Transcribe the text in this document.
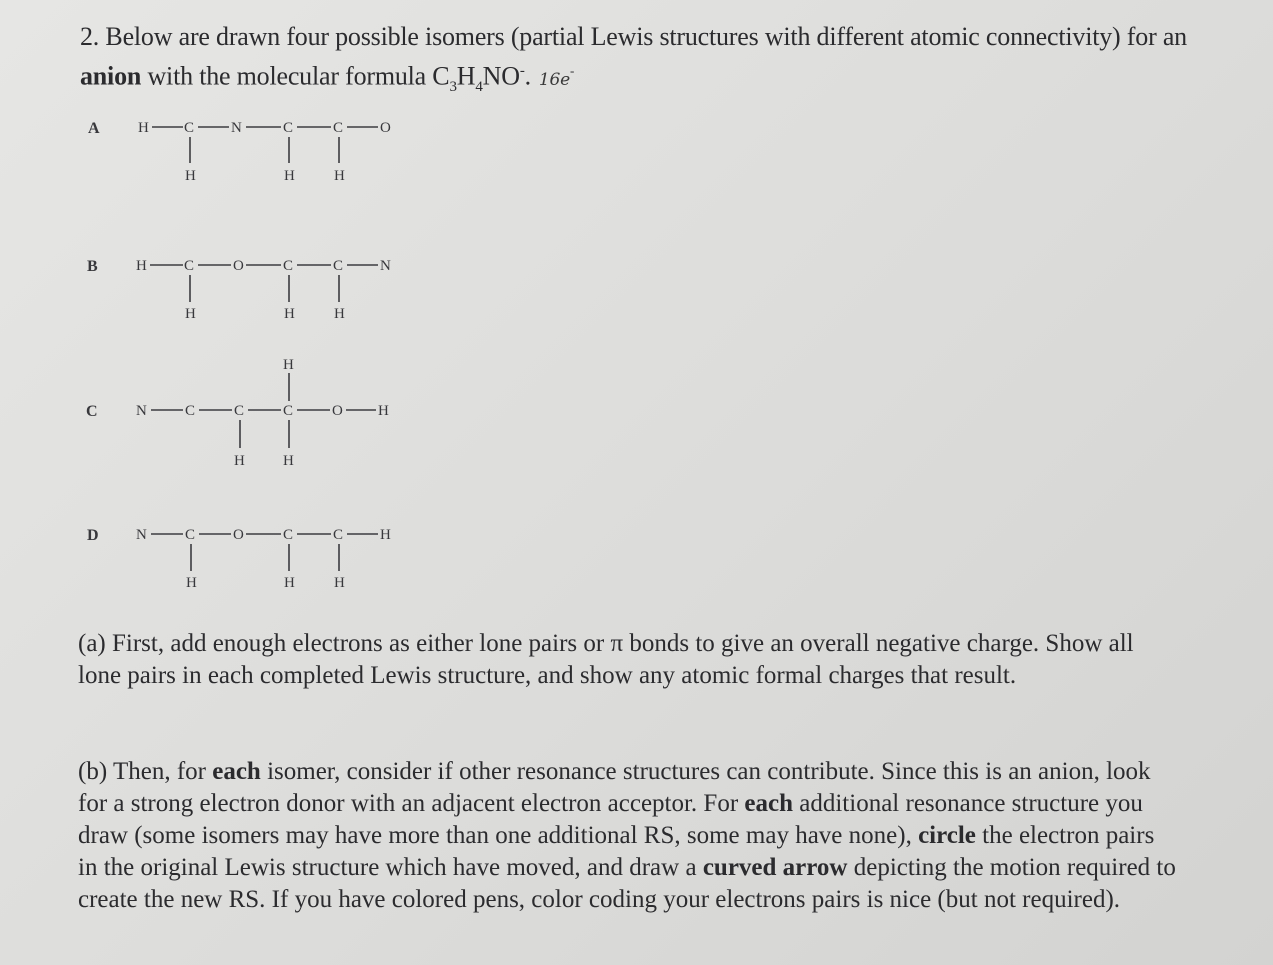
2. Below are drawn four possible isomers (partial Lewis structures with different atomic connectivity) for an anion with the molecular formula $C_3H_4NO^-$. 16e-

A	H C N	C	C O
H	H	H
B	H C	O	C	C N
H	H	H
H
C	N	C	C	C	O H
H	H
D N	C	O	C	C H
H	H	H

(a) First, add enough electrons as either lone pairs or π bonds to give an overall negative charge. Show all lone pairs in each completed Lewis structure, and show any atomic formal charges that result.

(b) Then, for each isomer, consider if other resonance structures can contribute. Since this is an anion, look for a strong electron donor with an adjacent electron acceptor. For each additional resonance structure you draw (some isomers may have more than one additional RS, some may have none), circle the electron pairs in the original Lewis structure which have moved, and draw a curved arrow depicting the motion required to create the new RS. If you have colored pens, color coding your electrons pairs is nice (but not required).
